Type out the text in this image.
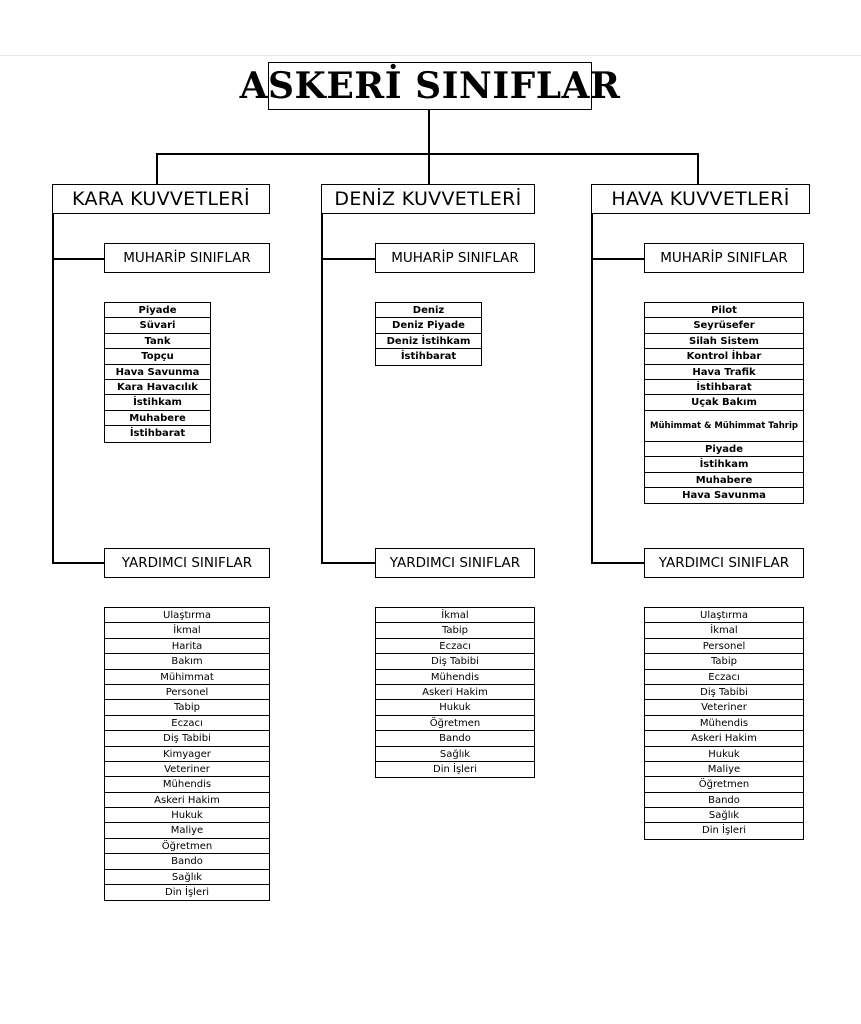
ASKERİ SINIFLAR
KARA KUVVETLERİ
MUHARİP SINIFLAR
YARDIMCI SINIFLAR
Piyade
Süvari
Tank
Topçu
Hava Savunma
Kara Havacılık
İstihkam
Muhabere
İstihbarat
Ulaştırma
İkmal
Harita
Bakım
Mühimmat
Personel
Tabip
Eczacı
Diş Tabibi
Kimyager
Veteriner
Mühendis
Askeri Hakim
Hukuk
Maliye
Öğretmen
Bando
Sağlık
Din İşleri
DENİZ KUVVETLERİ
MUHARİP SINIFLAR
YARDIMCI SINIFLAR
Deniz
Deniz Piyade
Deniz İstihkam
İstihbarat
İkmal
Tabip
Eczacı
Diş Tabibi
Mühendis
Askeri Hakim
Hukuk
Öğretmen
Bando
Sağlık
Din İşleri
HAVA KUVVETLERİ
MUHARİP SINIFLAR
YARDIMCI SINIFLAR
Pilot
Seyrüsefer
Silah Sistem
Kontrol İhbar
Hava Trafik
İstihbarat
Uçak Bakım
Mühimmat & Mühimmat Tahrip
Piyade
İstihkam
Muhabere
Hava Savunma
Ulaştırma
İkmal
Personel
Tabip
Eczacı
Diş Tabibi
Veteriner
Mühendis
Askeri Hakim
Hukuk
Maliye
Öğretmen
Bando
Sağlık
Din İşleri
